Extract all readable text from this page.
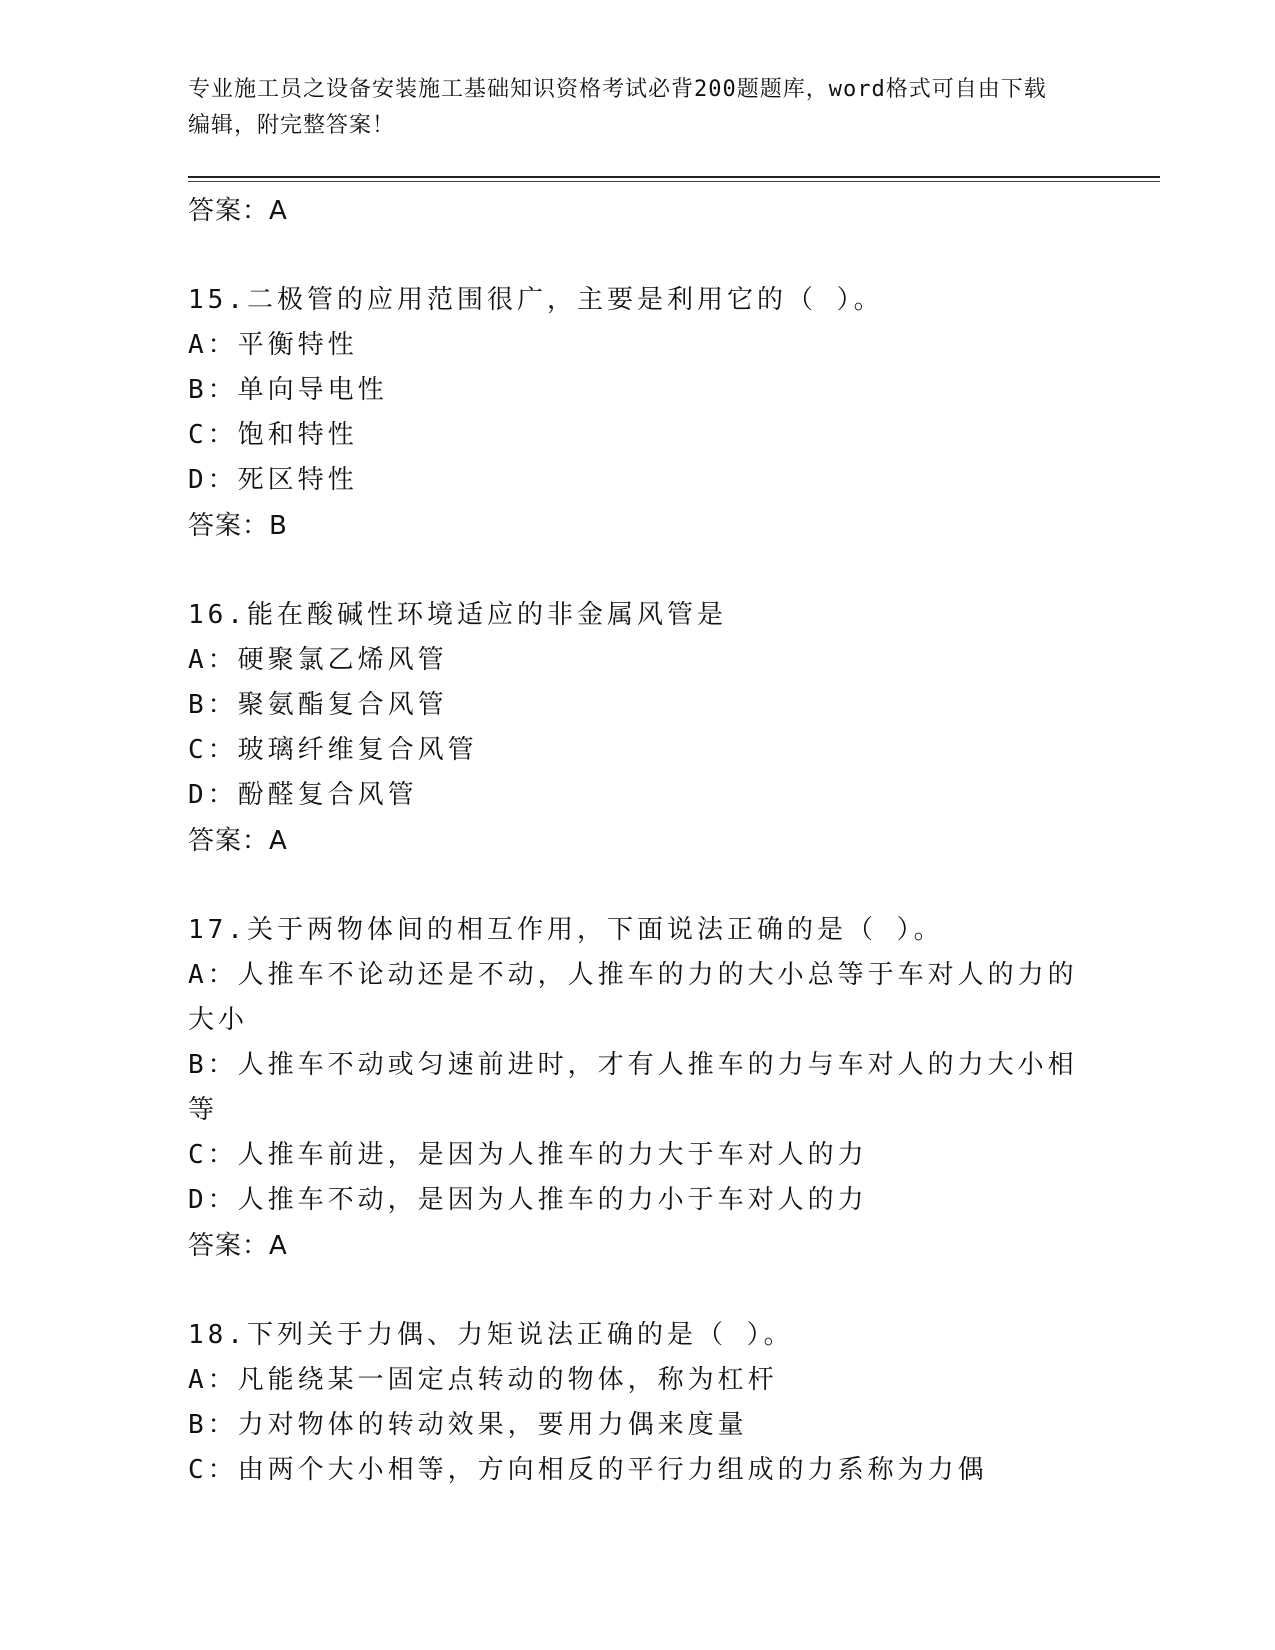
专业施工员之设备安装施工基础知识资格考试必背200题题库，word格式可自由下载编辑，附完整答案！
答案：A
15.二极管的应用范围很广，主要是利用它的（ ）。
A：平衡特性
B：单向导电性
C：饱和特性
D：死区特性
答案：B
16.能在酸碱性环境适应的非金属风管是
A：硬聚氯乙烯风管
B：聚氨酯复合风管
C：玻璃纤维复合风管
D：酚醛复合风管
答案：A
17.关于两物体间的相互作用，下面说法正确的是（ ）。
A：人推车不论动还是不动，人推车的力的大小总等于车对人的力的大小
B：人推车不动或匀速前进时，才有人推车的力与车对人的力大小相等
C：人推车前进，是因为人推车的力大于车对人的力
D：人推车不动，是因为人推车的力小于车对人的力
答案：A
18.下列关于力偶、力矩说法正确的是（ ）。
A：凡能绕某一固定点转动的物体，称为杠杆
B：力对物体的转动效果，要用力偶来度量
C：由两个大小相等，方向相反的平行力组成的力系称为力偶
